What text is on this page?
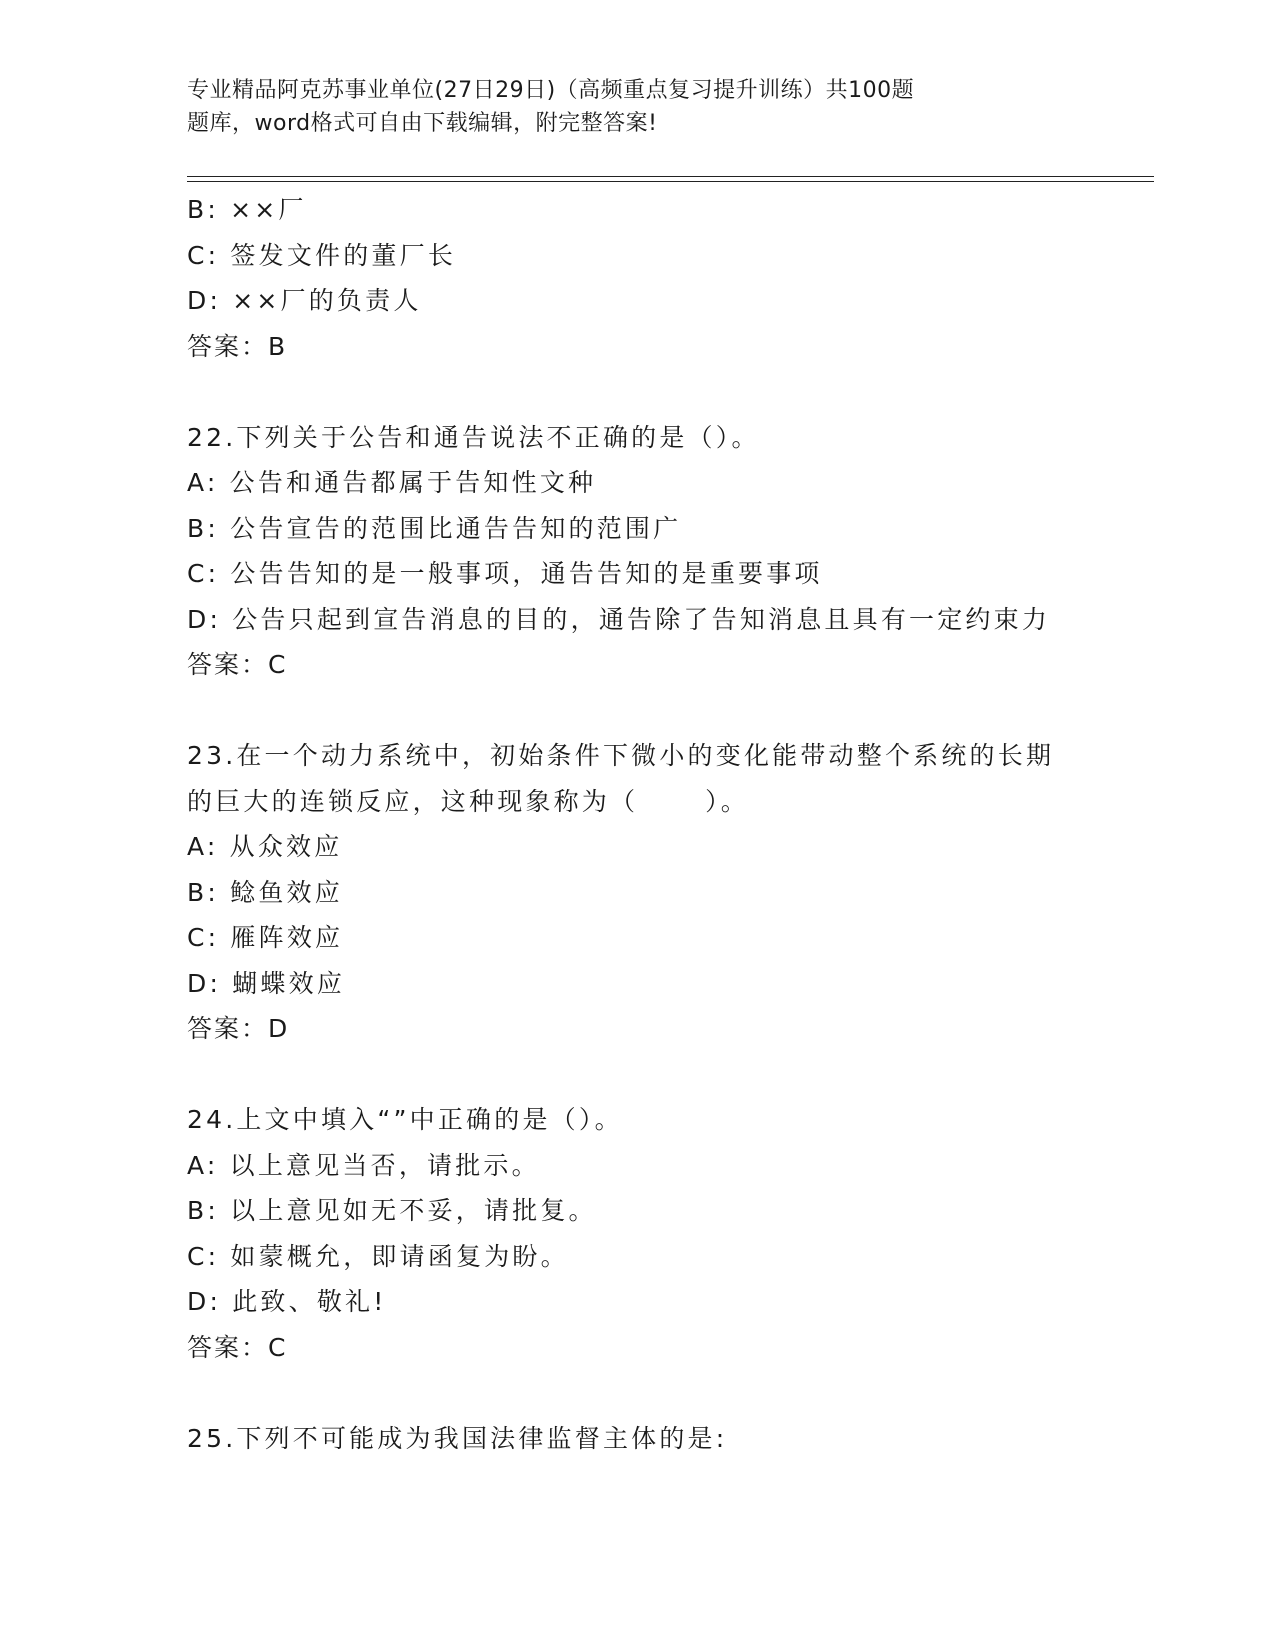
专业精品阿克苏事业单位(27日29日)（高频重点复习提升训练）共100题
题库，word格式可自由下载编辑，附完整答案!
B: ××厂
C: 签发文件的董厂长
D: ××厂的负责人
答案：B
22.下列关于公告和通告说法不正确的是（）。
A: 公告和通告都属于告知性文种
B: 公告宣告的范围比通告告知的范围广
C: 公告告知的是一般事项，通告告知的是重要事项
D: 公告只起到宣告消息的目的，通告除了告知消息且具有一定约束力
答案：C
23.在一个动力系统中，初始条件下微小的变化能带动整个系统的长期
的巨大的连锁反应，这种现象称为（      ）。
A: 从众效应
B: 鲶鱼效应
C: 雁阵效应
D: 蝴蝶效应
答案：D
24.上文中填入“”中正确的是（）。
A: 以上意见当否，请批示。
B: 以上意见如无不妥，请批复。
C: 如蒙概允，即请函复为盼。
D: 此致、敬礼!
答案：C
25.下列不可能成为我国法律监督主体的是:
